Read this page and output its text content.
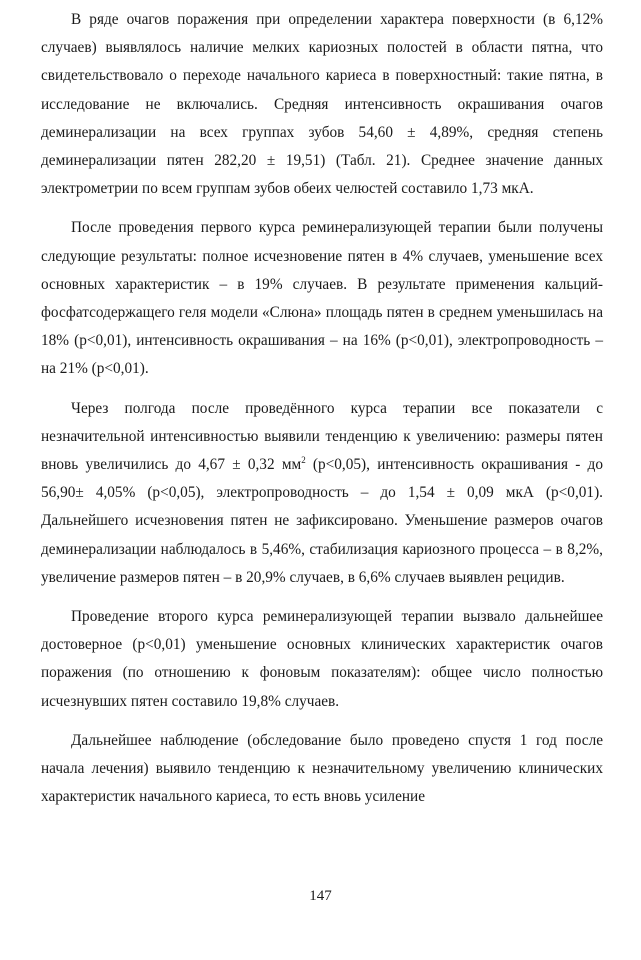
В ряде очагов поражения при определении характера поверхности (в 6,12% случаев) выявлялось наличие мелких кариозных полостей в области пятна, что свидетельствовало о переходе начального кариеса в поверхностный: такие пятна, в исследование не включались. Средняя интенсивность окрашивания очагов деминерализации на всех группах зубов 54,60 ± 4,89%, средняя степень деминерализации пятен 282,20 ± 19,51) (Табл. 21). Среднее значение данных электрометрии по всем группам зубов обеих челюстей составило 1,73 мкА.

После проведения первого курса реминерализующей терапии были получены следующие результаты: полное исчезновение пятен в 4% случаев, уменьшение всех основных характеристик – в 19% случаев. В результате применения кальций-фосфатсодержащего геля модели «Слюна» площадь пятен в среднем уменьшилась на 18% (р<0,01), интенсивность окрашивания – на 16% (р<0,01), электропроводность – на 21% (р<0,01).

Через полгода после проведённого курса терапии все показатели с незначительной интенсивностью выявили тенденцию к увеличению: размеры пятен вновь увеличились до 4,67 ± 0,32 $мм^2$ (р<0,05), интенсивность окрашивания - до 56,90± 4,05% (р<0,05), электропроводность – до 1,54 ± 0,09 мкА (р<0,01). Дальнейшего исчезновения пятен не зафиксировано. Уменьшение размеров очагов деминерализации наблюдалось в 5,46%, стабилизация кариозного процесса – в 8,2%, увеличение размеров пятен – в 20,9% случаев, в 6,6% случаев выявлен рецидив.

Проведение второго курса реминерализующей терапии вызвало дальнейшее достоверное (р<0,01) уменьшение основных клинических характеристик очагов поражения (по отношению к фоновым показателям): общее число полностью исчезнувших пятен составило 19,8% случаев.

Дальнейшее наблюдение (обследование было проведено спустя 1 год после начала лечения) выявило тенденцию к незначительному увеличению клинических характеристик начального кариеса, то есть вновь усиление

147
